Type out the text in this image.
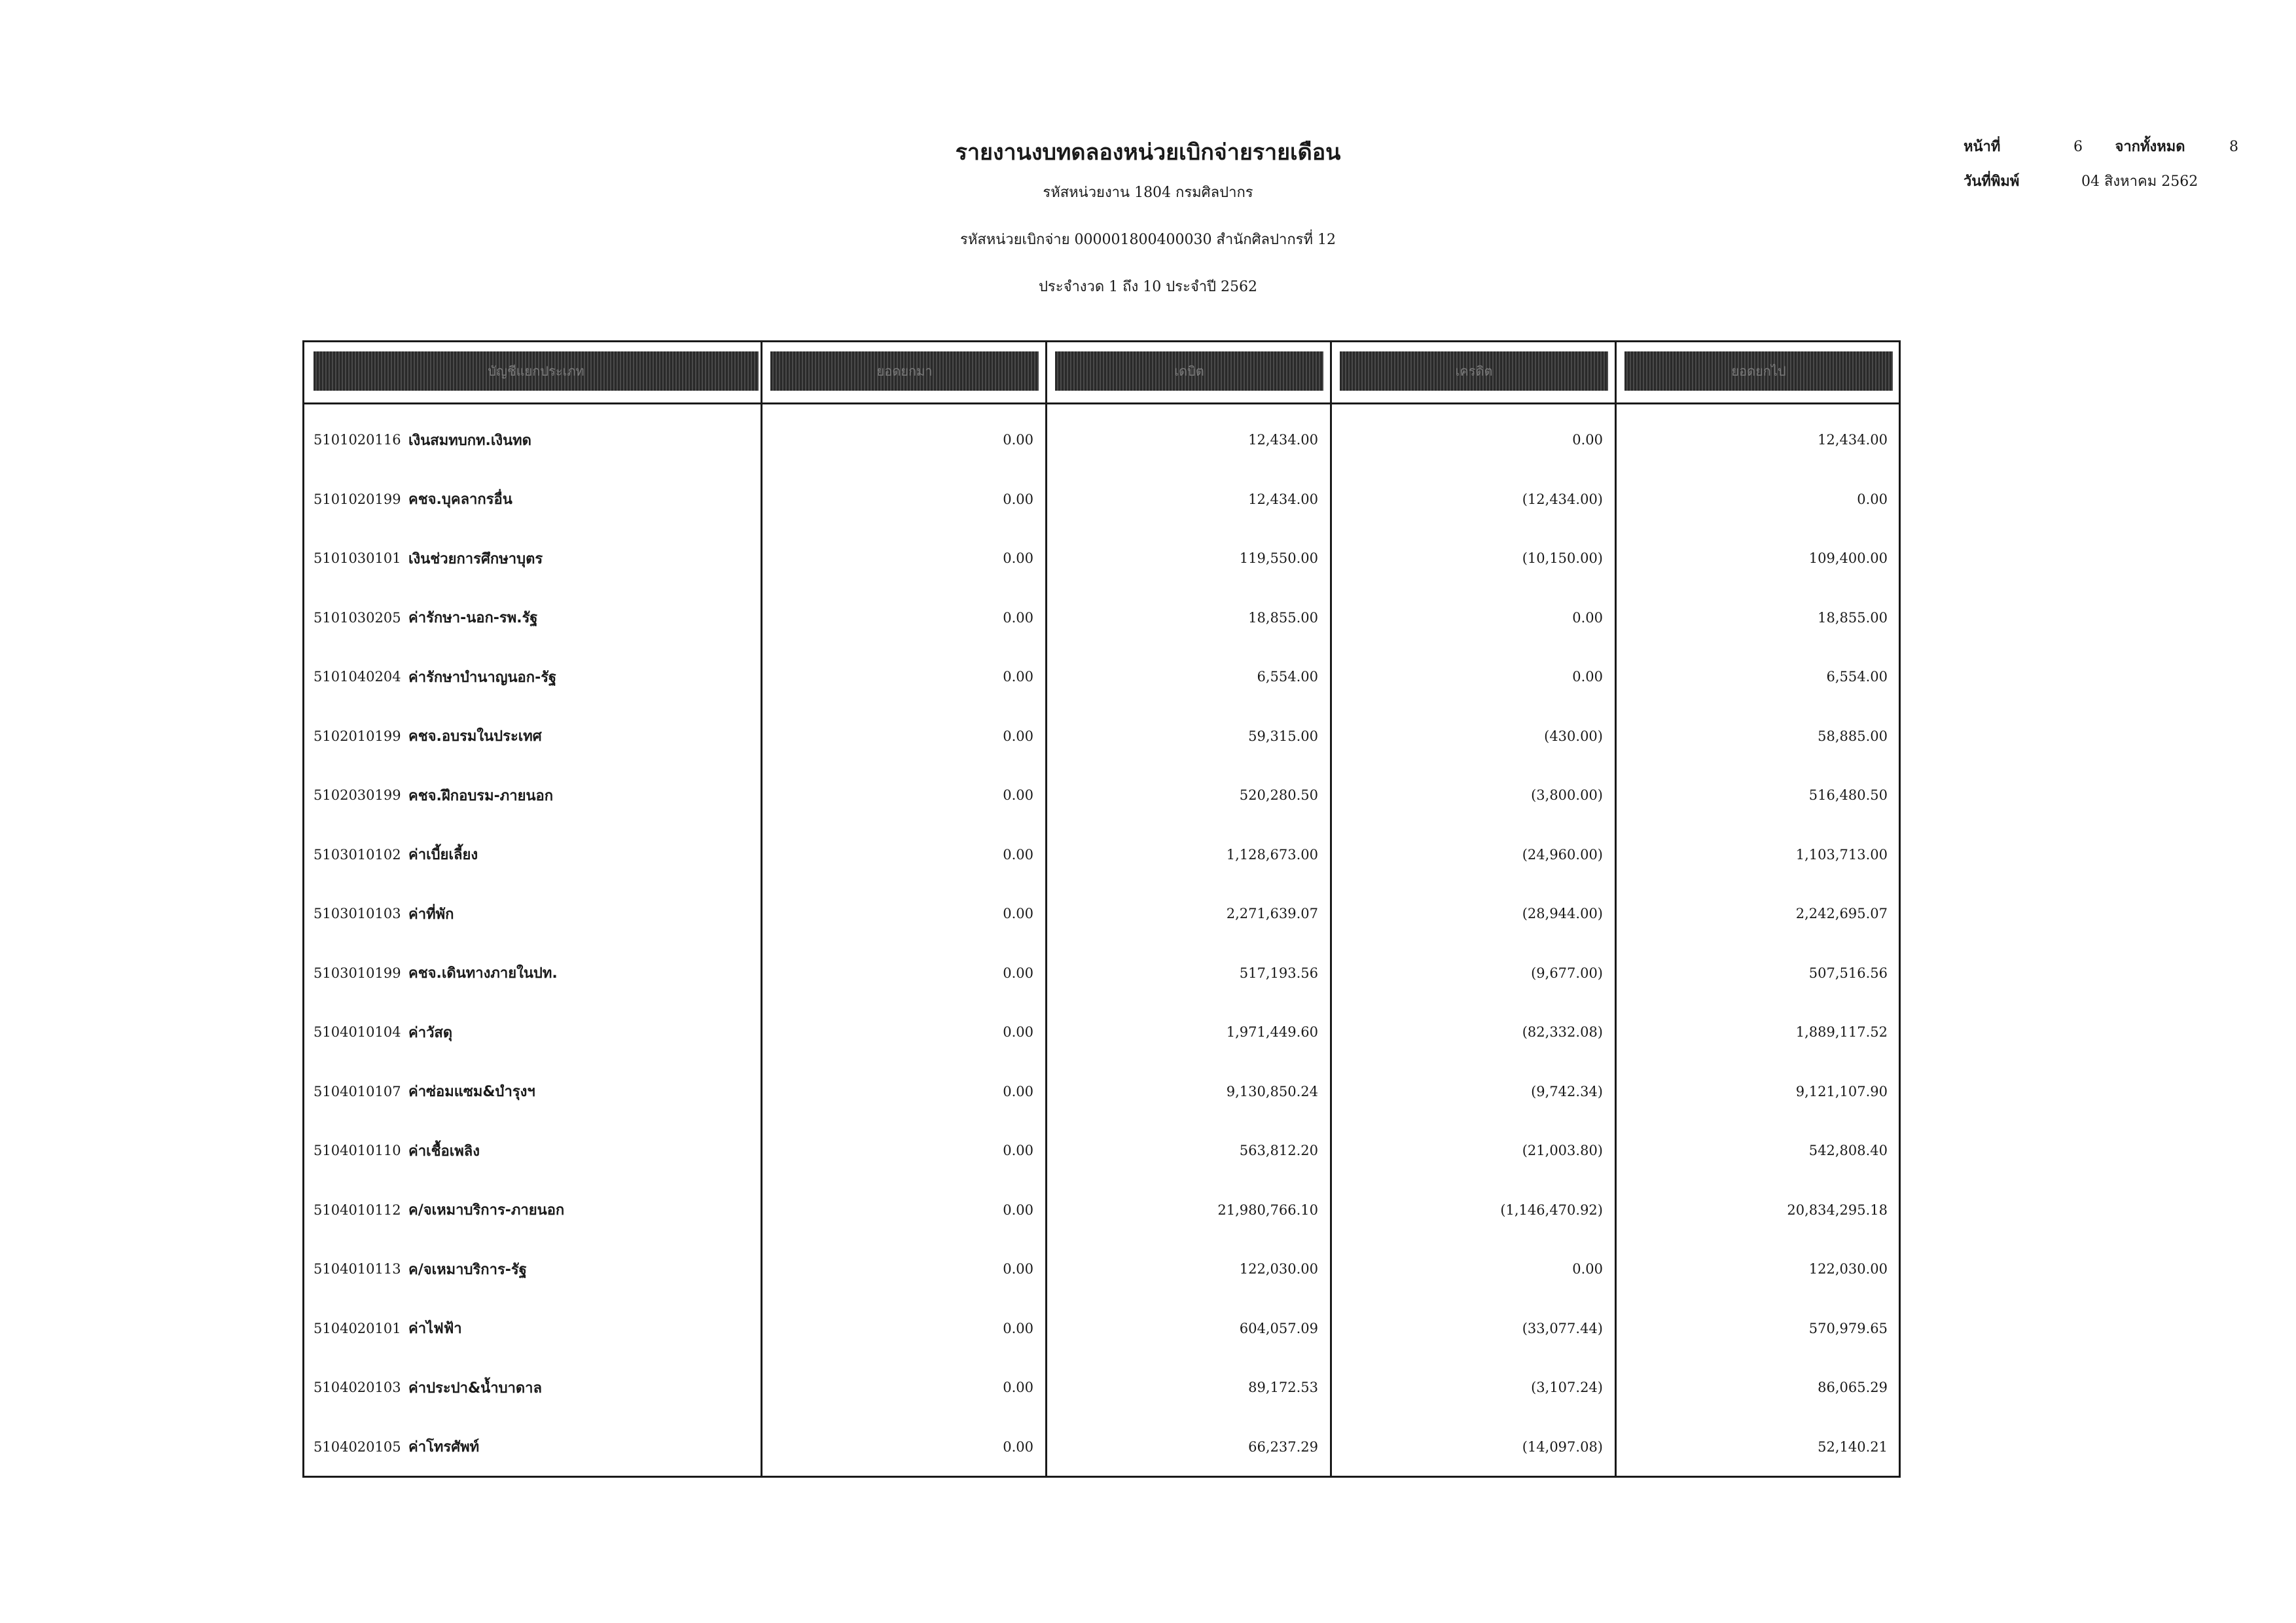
รายงานงบทดลองหน่วยเบิกจ่ายรายเดือน
รหัสหน่วยงาน 1804 กรมศิลปากร
รหัสหน่วยเบิกจ่าย 000001800400030 สำนักศิลปากรที่ 12
ประจำงวด 1 ถึง 10 ประจำปี 2562
หน้าที่	6	จากทั้งหมด	8
วันที่พิมพ์	04 สิงหาคม 2562
บัญชีแยกประเภท	ยอดยกมา	เดบิต	เครดิต	ยอดยกไป
5101020116 เงินสมทบกท.เงินทด	0.00	12,434.00	0.00	12,434.00
5101020199 คชจ.บุคลากรอื่น	0.00	12,434.00	(12,434.00)	0.00
5101030101 เงินช่วยการศึกษาบุตร	0.00	119,550.00	(10,150.00)	109,400.00
5101030205 ค่ารักษา-นอก-รพ.รัฐ	0.00	18,855.00	0.00	18,855.00
5101040204 ค่ารักษาบำนาญนอก-รัฐ	0.00	6,554.00	0.00	6,554.00
5102010199 คชจ.อบรมในประเทศ	0.00	59,315.00	(430.00)	58,885.00
5102030199 คชจ.ฝึกอบรม-ภายนอก	0.00	520,280.50	(3,800.00)	516,480.50
5103010102 ค่าเบี้ยเลี้ยง	0.00	1,128,673.00	(24,960.00)	1,103,713.00
5103010103 ค่าที่พัก	0.00	2,271,639.07	(28,944.00)	2,242,695.07
5103010199 คชจ.เดินทางภายในปท.	0.00	517,193.56	(9,677.00)	507,516.56
5104010104 ค่าวัสดุ	0.00	1,971,449.60	(82,332.08)	1,889,117.52
5104010107 ค่าซ่อมแซม&บำรุงฯ	0.00	9,130,850.24	(9,742.34)	9,121,107.90
5104010110 ค่าเชื้อเพลิง	0.00	563,812.20	(21,003.80)	542,808.40
5104010112 ค/จเหมาบริการ-ภายนอก	0.00	21,980,766.10	(1,146,470.92)	20,834,295.18
5104010113 ค/จเหมาบริการ-รัฐ	0.00	122,030.00	0.00	122,030.00
5104020101 ค่าไฟฟ้า	0.00	604,057.09	(33,077.44)	570,979.65
5104020103 ค่าประปา&น้ำบาดาล	0.00	89,172.53	(3,107.24)	86,065.29
5104020105 ค่าโทรศัพท์	0.00	66,237.29	(14,097.08)	52,140.21
